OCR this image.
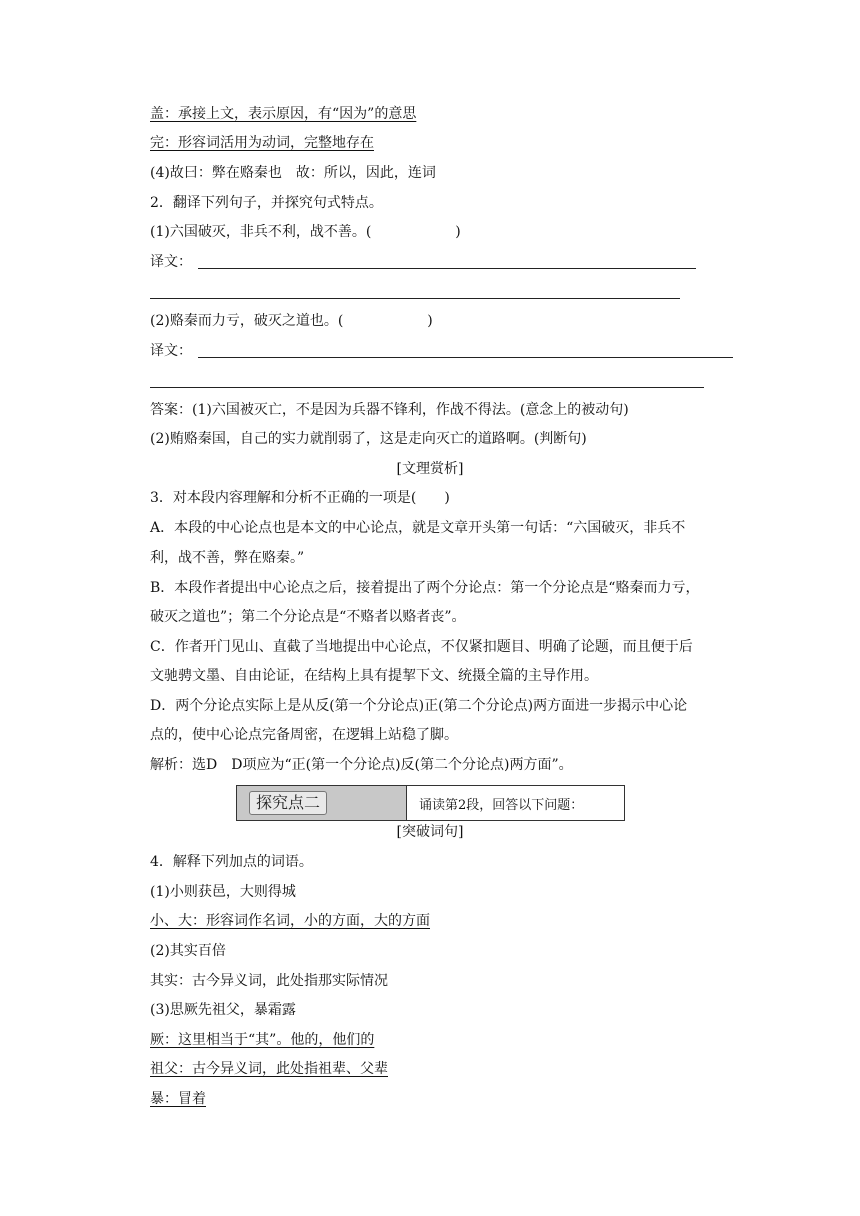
盖：承接上文，表示原因，有“因为”的意思
完：形容词活用为动词，完整地存在
(4)故曰：弊在赂秦也　故：所以，因此，连词
2．翻译下列句子，并探究句式特点。
(1)六国破灭，非兵不利，战不善。(　　　　　　)
译文：
(2)赂秦而力亏，破灭之道也。(　　　　　　)
译文：
答案：(1)六国被灭亡，不是因为兵器不锋利，作战不得法。(意念上的被动句)
(2)贿赂秦国，自己的实力就削弱了，这是走向灭亡的道路啊。(判断句)
[文理赏析]
3．对本段内容理解和分析不正确的一项是(　　)
A．本段的中心论点也是本文的中心论点，就是文章开头第一句话：“六国破灭，非兵不
利，战不善，弊在赂秦。”
B．本段作者提出中心论点之后，接着提出了两个分论点：第一个分论点是“赂秦而力亏，
破灭之道也”；第二个分论点是“不赂者以赂者丧”。
C．作者开门见山、直截了当地提出中心论点，不仅紧扣题目、明确了论题，而且便于后
文驰骋文墨、自由论证，在结构上具有提挈下文、统摄全篇的主导作用。
D．两个分论点实际上是从反(第一个分论点)正(第二个分论点)两方面进一步揭示中心论
点的，使中心论点完备周密，在逻辑上站稳了脚。
解析：选D　D项应为“正(第一个分论点)反(第二个分论点)两方面”。
探究点二	诵读第2段，回答以下问题：
[突破词句]
4．解释下列加点的词语。
(1)小则获邑，大则得城
小、大：形容词作名词，小的方面，大的方面
(2)其实百倍
其实：古今异义词，此处指那实际情况
(3)思厥先祖父，暴霜露
厥：这里相当于“其”。他的，他们的
祖父：古今异义词，此处指祖辈、父辈
暴：冒着
